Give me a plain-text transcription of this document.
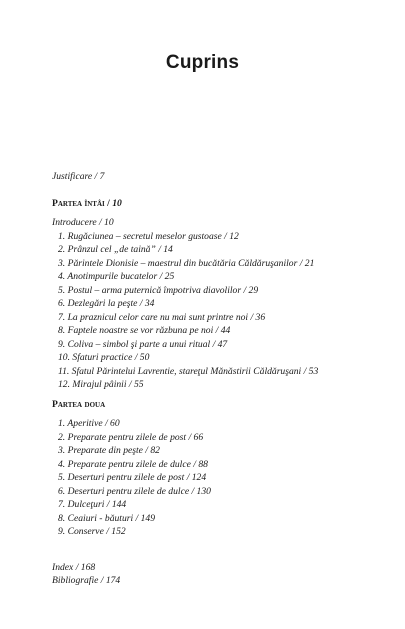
Cuprins
Justificare / 7
Partea întâi / 10
Introducere / 10
1. Rugăciunea – secretul meselor gustoase / 12
2. Prânzul cel „de taină” / 14
3. Părintele Dionisie – maestrul din bucătăria Căldăruşanilor / 21
4. Anotimpurile bucatelor / 25
5. Postul – arma puternică împotriva diavolilor / 29
6. Dezlegări la peşte / 34
7. La praznicul celor care nu mai sunt printre noi / 36
8. Faptele noastre se vor răzbuna pe noi / 44
9. Coliva – simbol şi parte a unui ritual / 47
10. Sfaturi practice / 50
11. Sfatul Părintelui Lavrentie, stareţul Mănăstirii Căldăruşani / 53
12. Mirajul pâinii / 55
Partea doua
1. Aperitive / 60
2. Preparate pentru zilele de post / 66
3. Preparate din peşte / 82
4. Preparate pentru zilele de dulce / 88
5. Deserturi pentru zilele de post / 124
6. Deserturi pentru zilele de dulce / 130
7. Dulceţuri / 144
8. Ceaiuri - băuturi / 149
9. Conserve / 152
Index / 168
Bibliografie / 174
